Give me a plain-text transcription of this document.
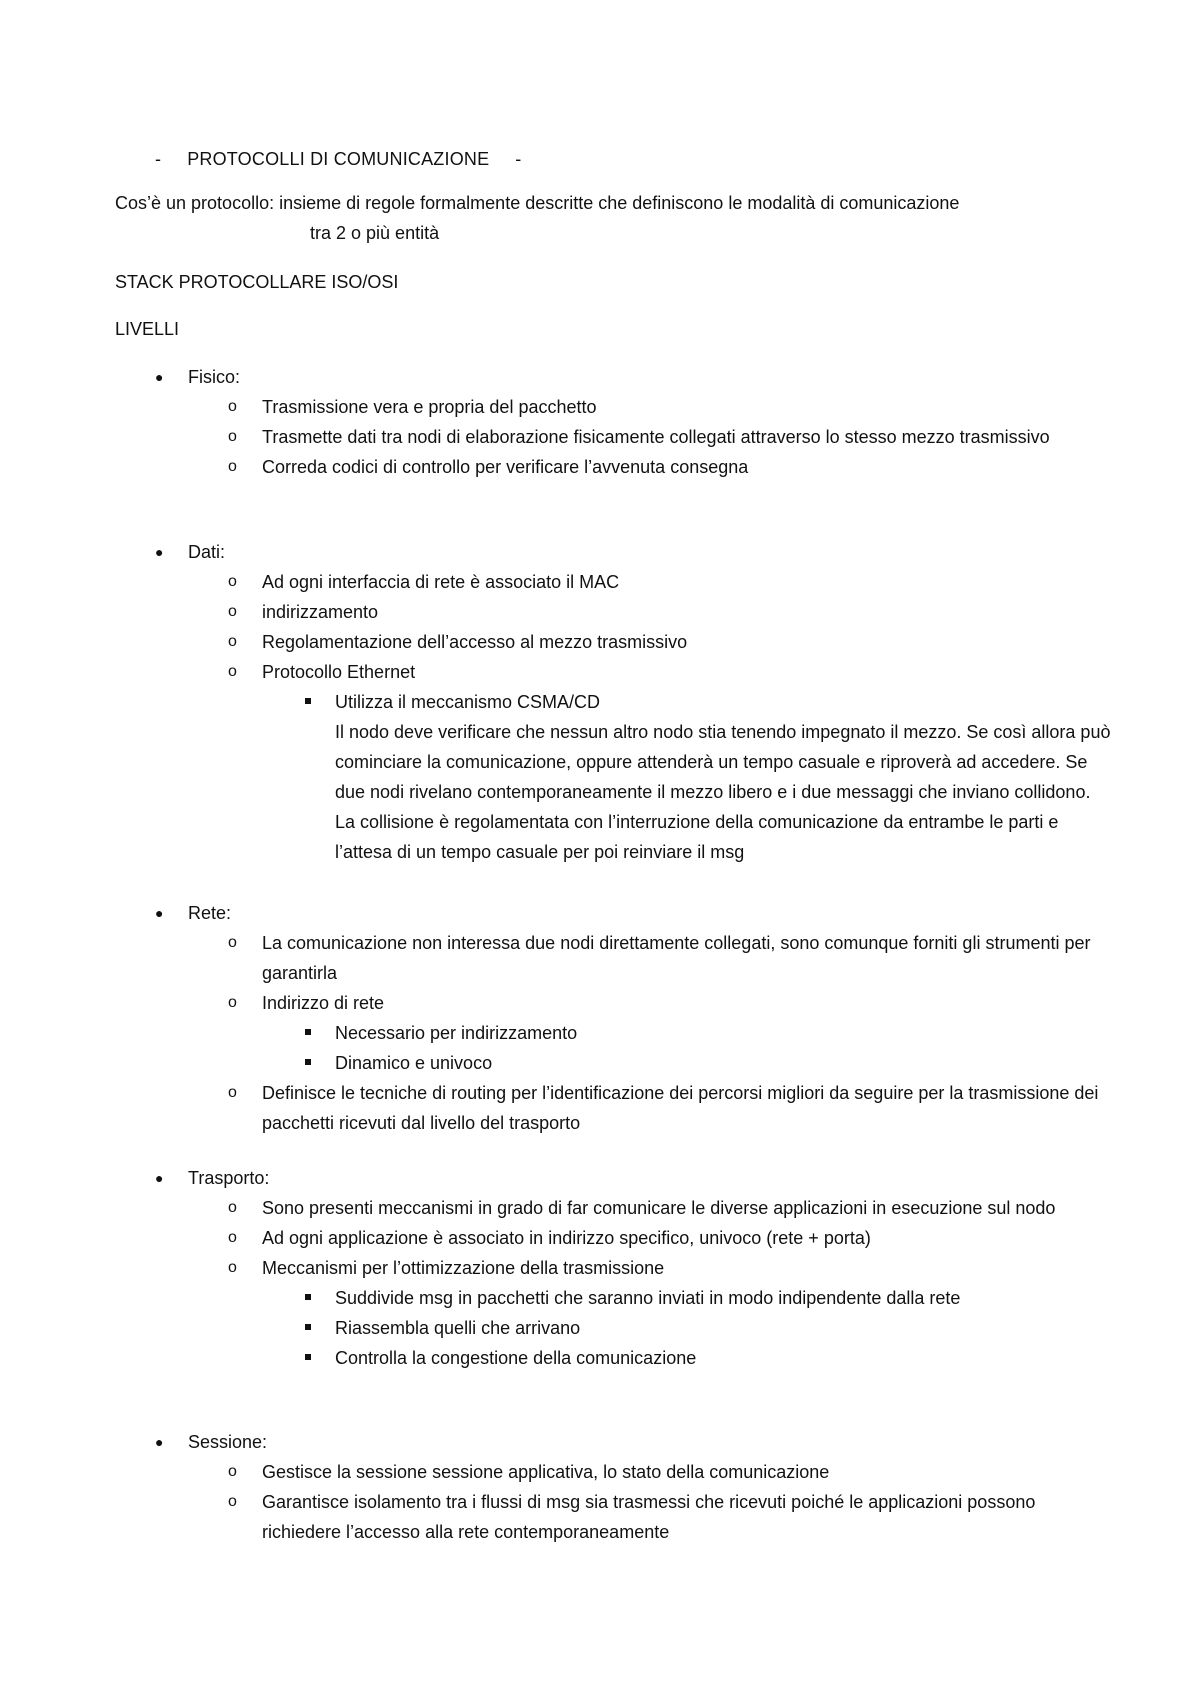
-     PROTOCOLLI DI COMUNICAZIONE     -
Cos’è un protocollo: insieme di regole formalmente descritte che definiscono le modalità di comunicazione
tra 2 o più entità
STACK PROTOCOLLARE ISO/OSI
LIVELLI
● Fisico:
o Trasmissione vera e propria del pacchetto
o Trasmette dati tra nodi di elaborazione fisicamente collegati attraverso lo stesso mezzo trasmissivo
o Correda codici di controllo per verificare l’avvenuta consegna
● Dati:
o Ad ogni interfaccia di rete è associato il MAC
o indirizzamento
o Regolamentazione dell’accesso al mezzo trasmissivo
o Protocollo Ethernet
Utilizza il meccanismo CSMA/CD
Il nodo deve verificare che nessun altro nodo stia tenendo impegnato il mezzo. Se così allora può cominciare la comunicazione, oppure attenderà un tempo casuale e riproverà ad accedere. Se due nodi rivelano contemporaneamente il mezzo libero e i due messaggi che inviano collidono. La collisione è regolamentata con l’interruzione della comunicazione da entrambe le parti e l’attesa di un tempo casuale per poi reinviare il msg
● Rete:
o La comunicazione non interessa due nodi direttamente collegati, sono comunque forniti gli strumenti per garantirla
o Indirizzo di rete
Necessario per indirizzamento
Dinamico e univoco
o Definisce le tecniche di routing per l’identificazione dei percorsi migliori da seguire per la trasmissione dei pacchetti ricevuti dal livello del trasporto
● Trasporto:
o Sono presenti meccanismi in grado di far comunicare le diverse applicazioni in esecuzione sul nodo
o Ad ogni applicazione è associato in indirizzo specifico, univoco (rete + porta)
o Meccanismi per l’ottimizzazione della trasmissione
Suddivide msg in pacchetti che saranno inviati in modo indipendente dalla rete
Riassembla quelli che arrivano
Controlla la congestione della comunicazione
● Sessione:
o Gestisce la sessione sessione applicativa, lo stato della comunicazione
o Garantisce isolamento tra i flussi di msg sia trasmessi che ricevuti poiché le applicazioni possono richiedere l’accesso alla rete contemporaneamente
